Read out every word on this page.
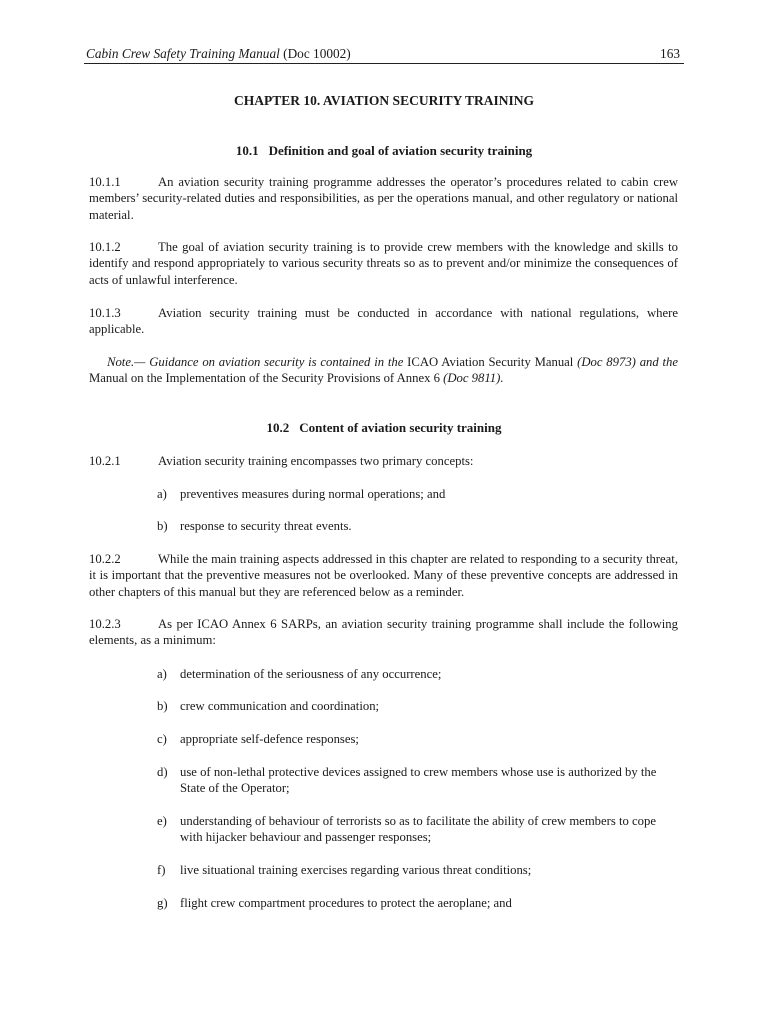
Cabin Crew Safety Training Manual (Doc 10002)	163
CHAPTER 10. AVIATION SECURITY TRAINING
10.1 Definition and goal of aviation security training

10.1.1	An aviation security training programme addresses the operator’s procedures related to cabin crew members’ security-related duties and responsibilities, as per the operations manual, and other regulatory or national material.

10.1.2	The goal of aviation security training is to provide crew members with the knowledge and skills to identify and respond appropriately to various security threats so as to prevent and/or minimize the consequences of acts of unlawful interference.

10.1.3	Aviation security training must be conducted in accordance with national regulations, where applicable.

Note.— Guidance on aviation security is contained in the ICAO Aviation Security Manual (Doc 8973) and the Manual on the Implementation of the Security Provisions of Annex 6 (Doc 9811).

10.2 Content of aviation security training

10.2.1	Aviation security training encompasses two primary concepts:

a) preventives measures during normal operations; and

b) response to security threat events.

10.2.2	While the main training aspects addressed in this chapter are related to responding to a security threat, it is important that the preventive measures not be overlooked. Many of these preventive concepts are addressed in other chapters of this manual but they are referenced below as a reminder.

10.2.3	As per ICAO Annex 6 SARPs, an aviation security training programme shall include the following elements, as a minimum:

a) determination of the seriousness of any occurrence;

b) crew communication and coordination;

c) appropriate self-defence responses;

d) use of non-lethal protective devices assigned to crew members whose use is authorized by the State of the Operator;

e) understanding of behaviour of terrorists so as to facilitate the ability of crew members to cope with hijacker behaviour and passenger responses;

f) live situational training exercises regarding various threat conditions;

g) flight crew compartment procedures to protect the aeroplane; and
